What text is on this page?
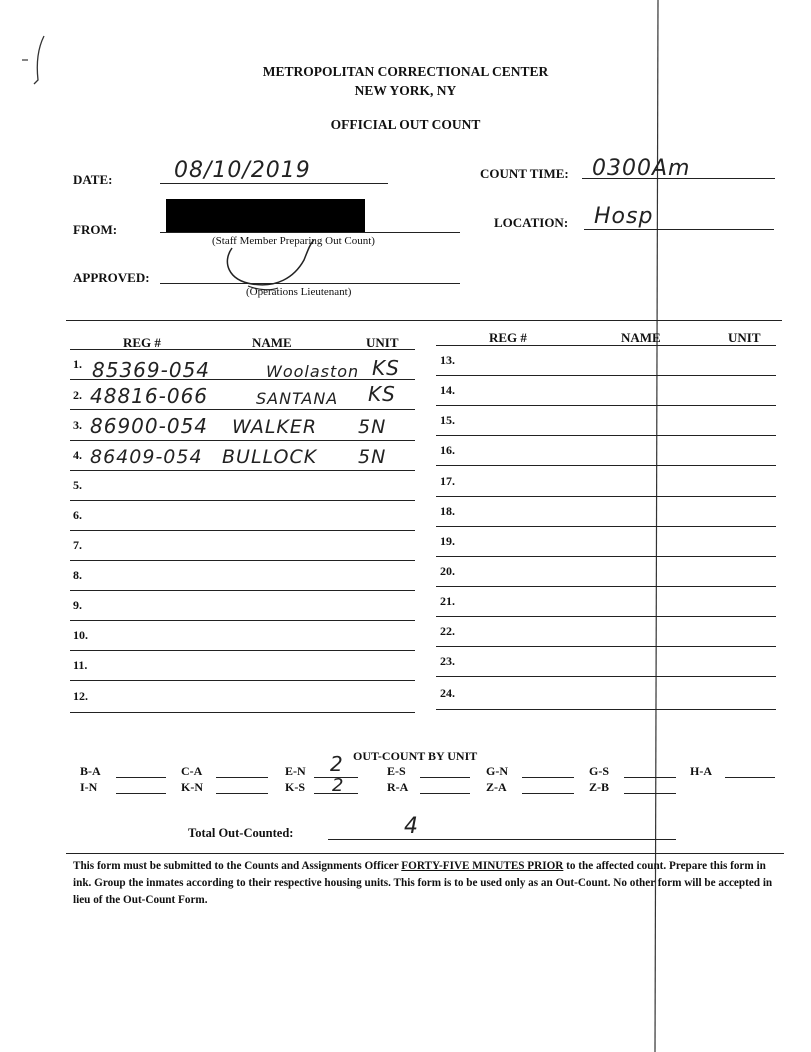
METROPOLITAN CORRECTIONAL CENTER
NEW YORK, NY
OFFICIAL OUT COUNT
DATE:	08/10/2019	COUNT TIME: 0300Am
FROM:
(Staff Member Preparing Out Count)
LOCATION: Hosp
APPROVED:
(Operations Lieutenant)
REG #	NAME	UNIT	REG #	NAME	UNIT
1. 85369-054	Woolaston KS
2. 48816-066	SANTANA KS
3. 86900-054 WALKER 5N
4. 86409-054 BULLOCK 5N
5.
6.
7.
8.
9.
10.
11.
12.
13.
14.
15.
16.
17.
18.
19.
20.
21.
22.
23.
24.
OUT-COUNT BY UNIT
B-A	C-A	E-N 2	E-S	G-N	G-S	H-A
I-N	K-N	K-S 2	R-A	Z-A	Z-B
Total Out-Counted:	4
This form must be submitted to the Counts and Assignments Officer FORTY-FIVE MINUTES PRIOR to the affected count. Prepare this form in ink. Group the inmates according to their respective housing units. This form is to be used only as an Out-Count. No other form will be accepted in lieu of the Out-Count Form.
